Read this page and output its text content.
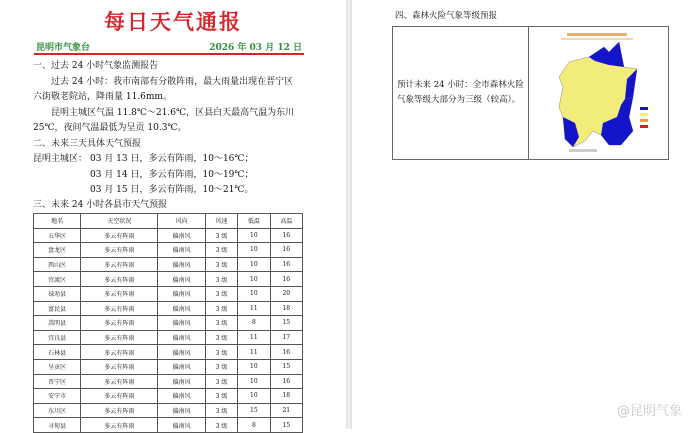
每日天气通报
昆明市气象台	2026 年 03 月 12 日
一、过去 24 小时气象监测报告
过去 24 小时：我市南部有分散阵雨，最大雨量出现在晋宁区
六街敬老院站，降雨量 11.6mm。
昆明主城区气温 11.8℃～21.6℃，区县白天最高气温为东川
25℃，夜间气温最低为呈贡 10.3℃。
二、未来三天具体天气预报
昆明主城区： 03 月 13 日，多云有阵雨，10～16℃；
03 月 14 日，多云有阵雨，10～19℃；
03 月 15 日，多云有阵雨，10～21℃。
三、未来 24 小时各县市天气预报
地名	天空状况	风向	风速	低温	高温
五华区	多云有阵雨	偏南风	3 级	10	16
盘龙区	多云有阵雨	偏南风	3 级	10	16
西山区	多云有阵雨	偏南风	3 级	10	16
官渡区	多云有阵雨	偏南风	3 级	10	16
禄劝县	多云有阵雨	偏南风	3 级	10	20
富民县	多云有阵雨	偏南风	3 级	11	18
嵩明县	多云有阵雨	偏南风	3 级	8	15
宜良县	多云有阵雨	偏南风	3 级	11	17
石林县	多云有阵雨	偏南风	3 级	11	16
呈贡区	多云有阵雨	偏南风	3 级	10	15
晋宁区	多云有阵雨	偏南风	3 级	10	16
安宁市	多云有阵雨	偏南风	3 级	10	18
东川区	多云有阵雨	偏南风	3 级	15	21
寻甸县	多云有阵雨	偏南风	3 级	8	15
四、森林火险气象等级预报
预计未来 24 小时：全市森林火险气象等级大部分为三级（较高）。
@昆明气象
